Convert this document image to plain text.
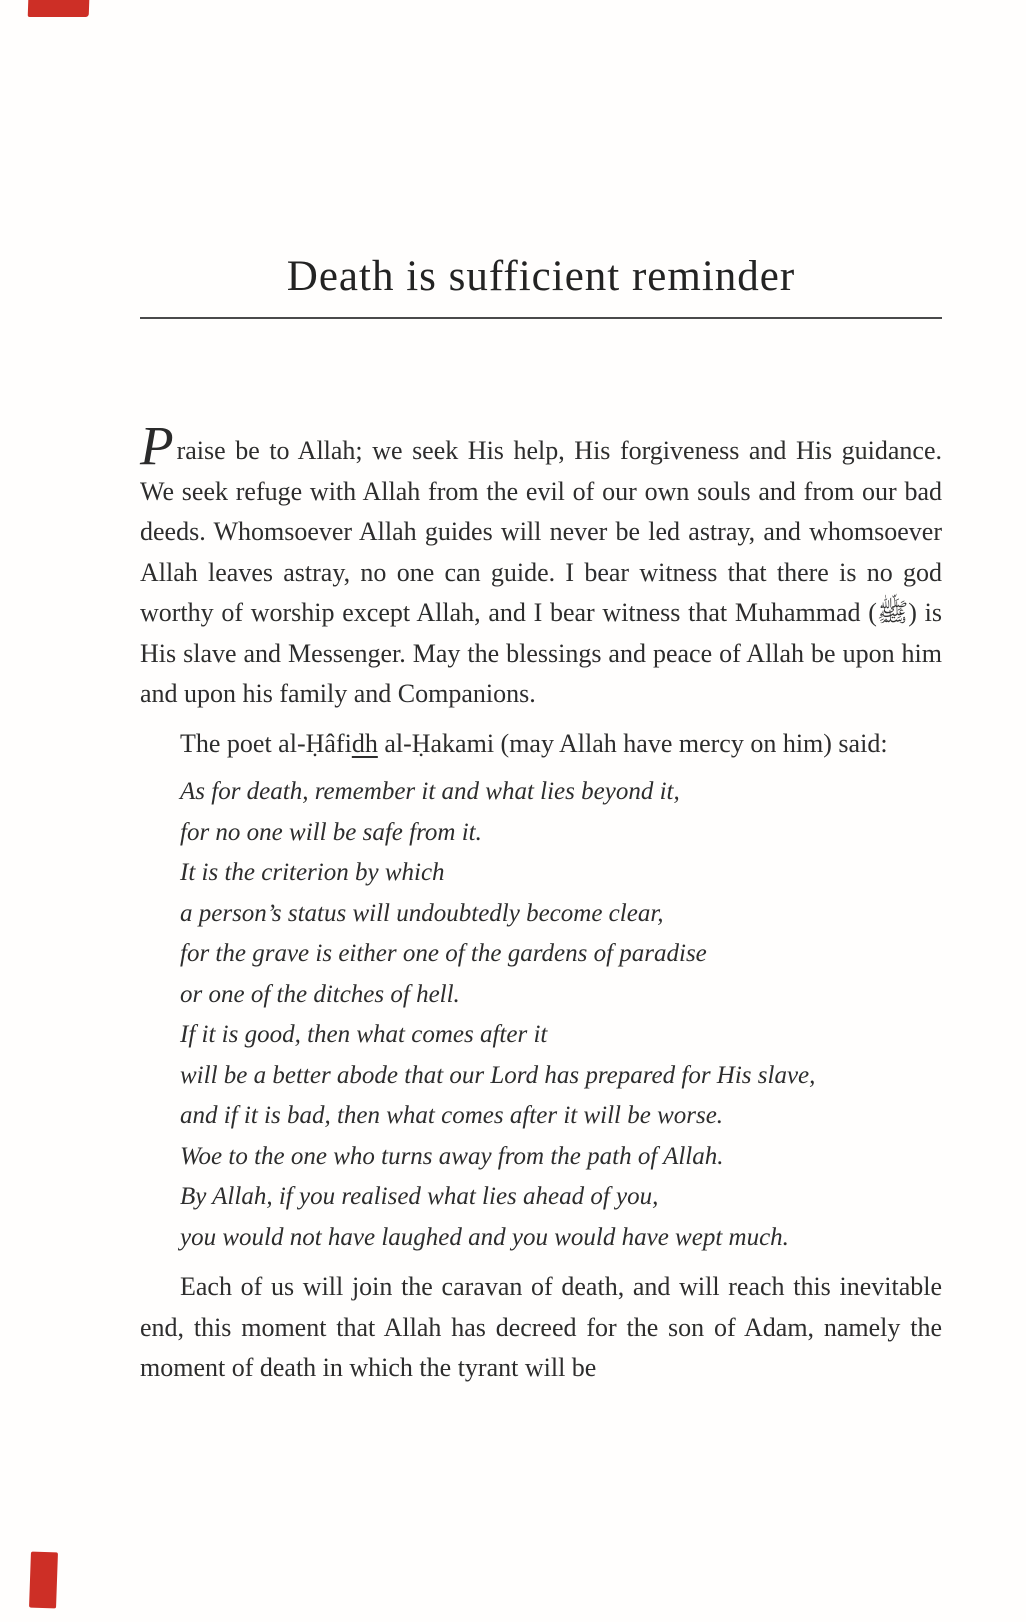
Death is sufficient reminder

Praise be to Allah; we seek His help, His forgiveness and His guidance. We seek refuge with Allah from the evil of our own souls and from our bad deeds. Whomsoever Allah guides will never be led astray, and whomsoever Allah leaves astray, no one can guide. I bear witness that there is no god worthy of worship except Allah, and I bear witness that Muhammad (ﷺ) is His slave and Messenger. May the blessings and peace of Allah be upon him and upon his family and Companions.

The poet al-Ḥâfidh al-Ḥakami (may Allah have mercy on him) said:

As for death, remember it and what lies beyond it,
for no one will be safe from it.
It is the criterion by which
a person’s status will undoubtedly become clear,
for the grave is either one of the gardens of paradise
or one of the ditches of hell.
If it is good, then what comes after it
will be a better abode that our Lord has prepared for His slave,
and if it is bad, then what comes after it will be worse.
Woe to the one who turns away from the path of Allah.
By Allah, if you realised what lies ahead of you,
you would not have laughed and you would have wept much.

Each of us will join the caravan of death, and will reach this inevitable end, this moment that Allah has decreed for the son of Adam, namely the moment of death in which the tyrant will be
